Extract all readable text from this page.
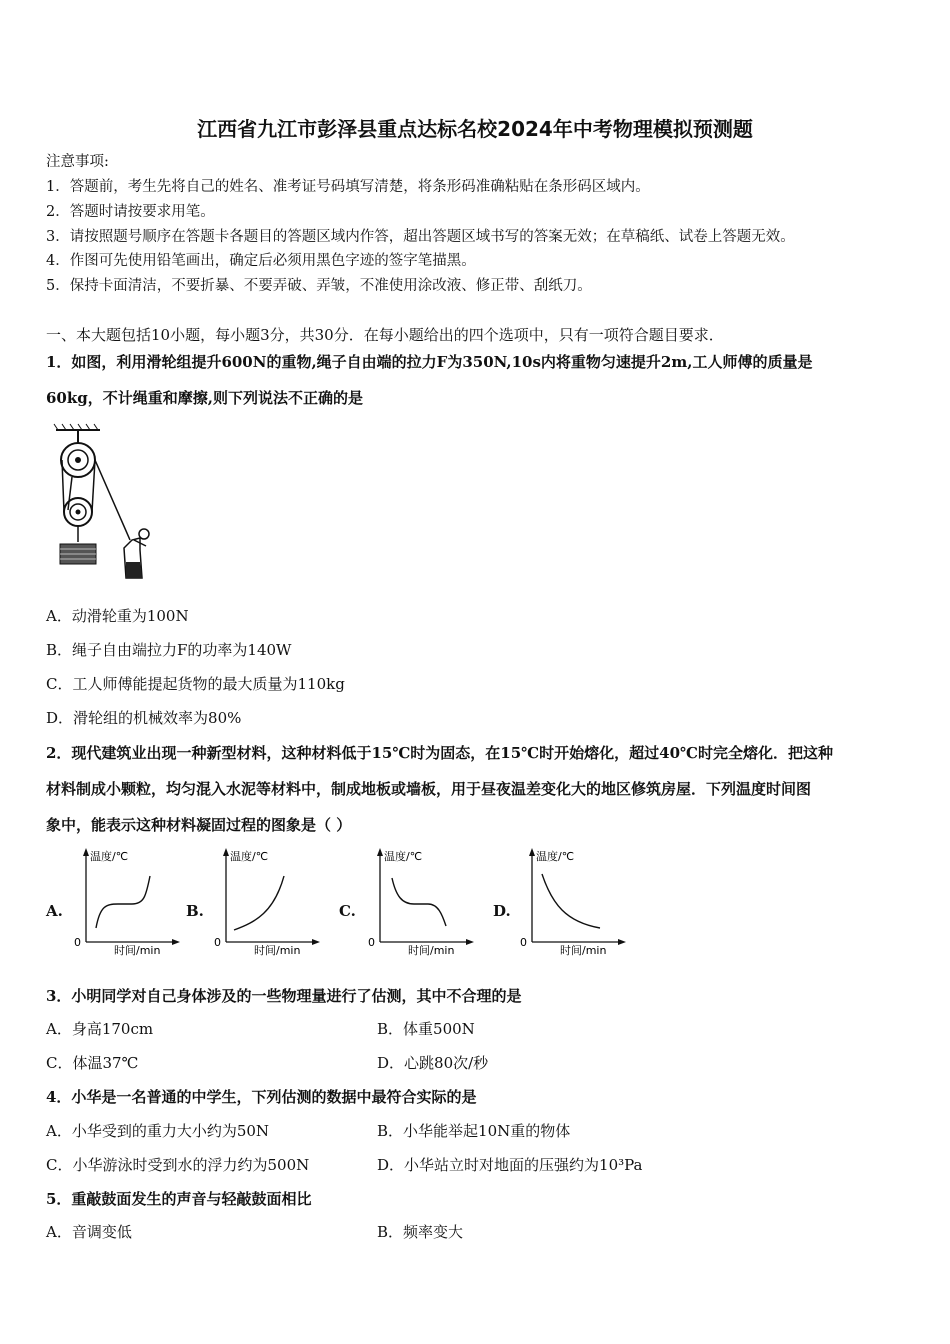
江西省九江市彭泽县重点达标名校2024年中考物理模拟预测题
注意事项:
1．答题前，考生先将自己的姓名、准考证号码填写清楚，将条形码准确粘贴在条形码区域内。
2．答题时请按要求用笔。
3．请按照题号顺序在答题卡各题目的答题区域内作答，超出答题区域书写的答案无效；在草稿纸、试卷上答题无效。
4．作图可先使用铅笔画出，确定后必须用黑色字迹的签字笔描黑。
5．保持卡面清洁，不要折暴、不要弄破、弄皱，不准使用涂改液、修正带、刮纸刀。
一、本大题包括10小题，每小题3分，共30分．在每小题给出的四个选项中，只有一项符合题目要求．
1．如图，利用滑轮组提升600N的重物,绳子自由端的拉力F为350N,10s内将重物匀速提升2m,工人师傅的质量是
60kg，不计绳重和摩擦,则下列说法不正确的是
A．动滑轮重为100N
B．绳子自由端拉力F的功率为140W
C．工人师傅能提起货物的最大质量为110kg
D．滑轮组的机械效率为80%
2．现代建筑业出现一种新型材料，这种材料低于15℃时为固态，在15℃时开始熔化，超过40℃时完全熔化．把这种
材料制成小颗粒，均匀混入水泥等材料中，制成地板或墙板，用于昼夜温差变化大的地区修筑房屋．下列温度时间图
象中，能表示这种材料凝固过程的图象是（ ）
A.
温度/℃
时间/min
0
B.
温度/℃
时间/min
0
C.
温度/℃
时间/min
0
D.
温度/℃
时间/min
0
3．小明同学对自己身体涉及的一些物理量进行了估测，其中不合理的是
A．身高170cm	B．体重500N
C．体温37℃	D．心跳80次/秒
4．小华是一名普通的中学生，下列估测的数据中最符合实际的是
A．小华受到的重力大小约为50N	B．小华能举起10N重的物体
C．小华游泳时受到水的浮力约为500N	D．小华站立时对地面的压强约为10³Pa
5．重敲鼓面发生的声音与轻敲鼓面相比
A．音调变低	B．频率变大
